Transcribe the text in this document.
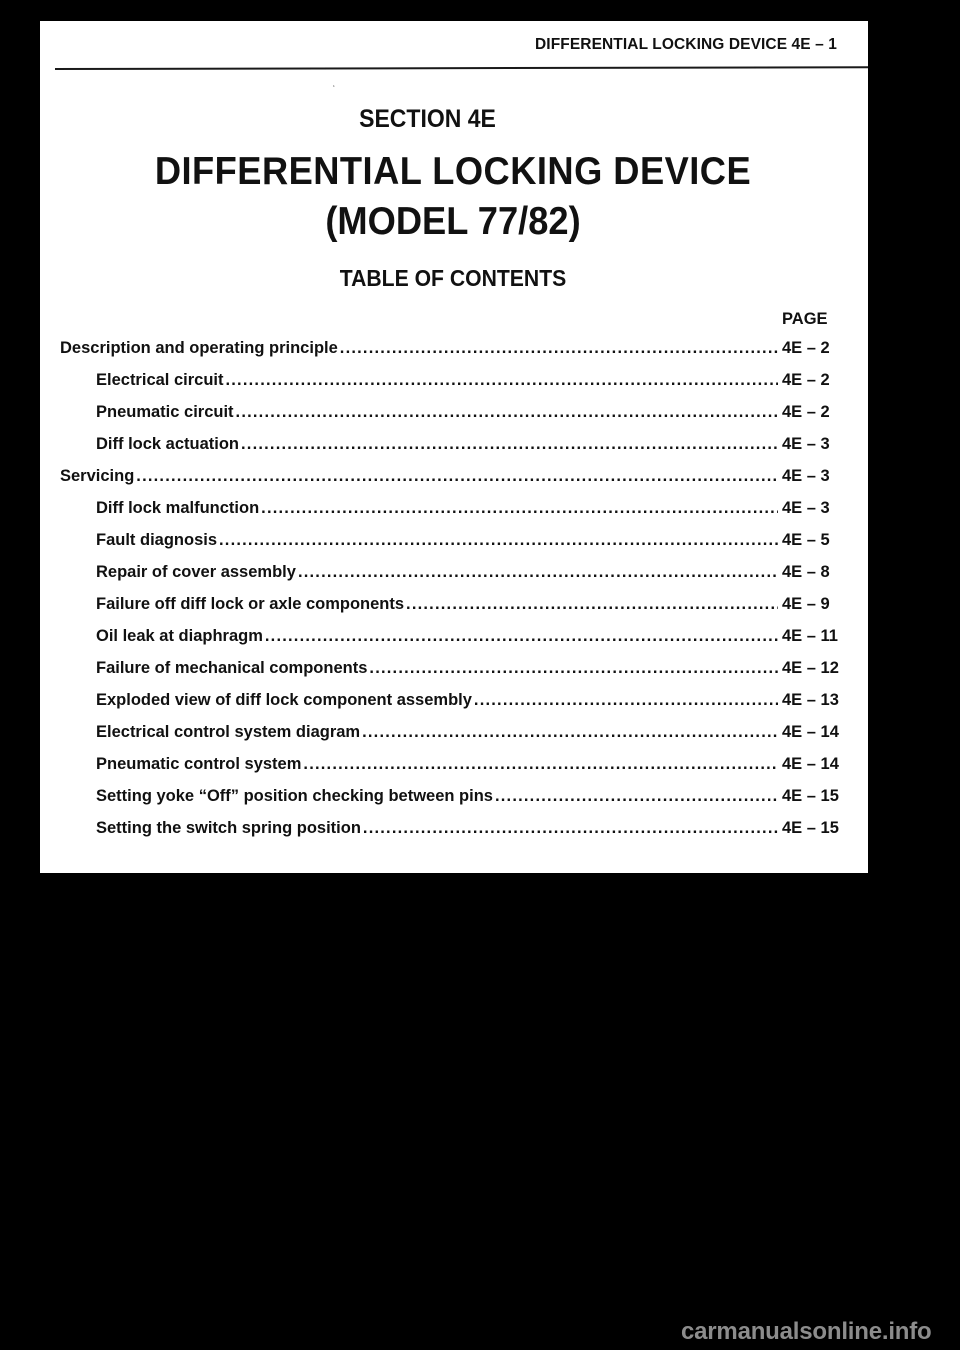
DIFFERENTIAL LOCKING DEVICE 4E – 1
‘
SECTION 4E
DIFFERENTIAL LOCKING DEVICE
(MODEL 77/82)
TABLE OF CONTENTS
PAGE
Description and operating principle .....	4E – 2
Electrical circuit .....	4E – 2
Pneumatic circuit .....	4E – 2
Diff lock actuation .....	4E – 3
Servicing .....	4E – 3
Diff lock malfunction .....	4E – 3
Fault diagnosis .....	4E – 5
Repair of cover assembly .....	4E – 8
Failure off diff lock or axle components .....	4E – 9
Oil leak at diaphragm .....	4E – 11
Failure of mechanical components .....	4E – 12
Exploded view of diff lock component assembly .....	4E – 13
Electrical control system diagram .....	4E – 14
Pneumatic control system .....	4E – 14
Setting yoke “Off” position checking between pins .....	4E – 15
Setting the switch spring position .....	4E – 15
carmanualsonline.info
